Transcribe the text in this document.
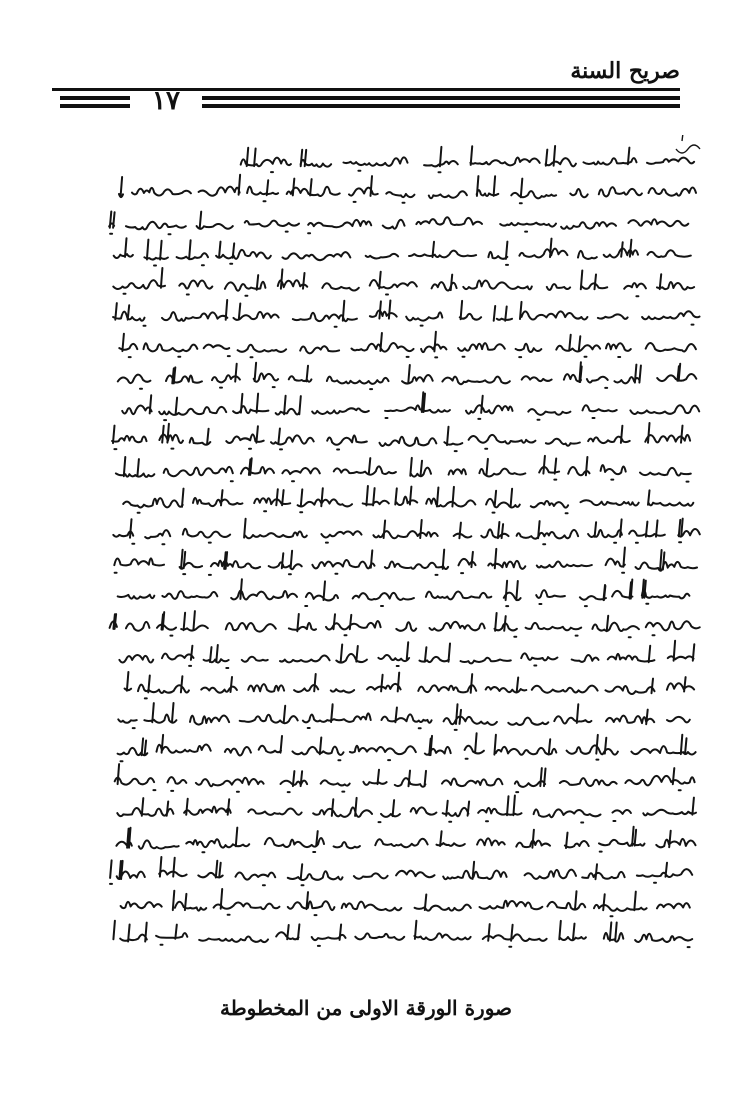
صريح السنة
١٧
صورة الورقة الاولى من المخطوطة
